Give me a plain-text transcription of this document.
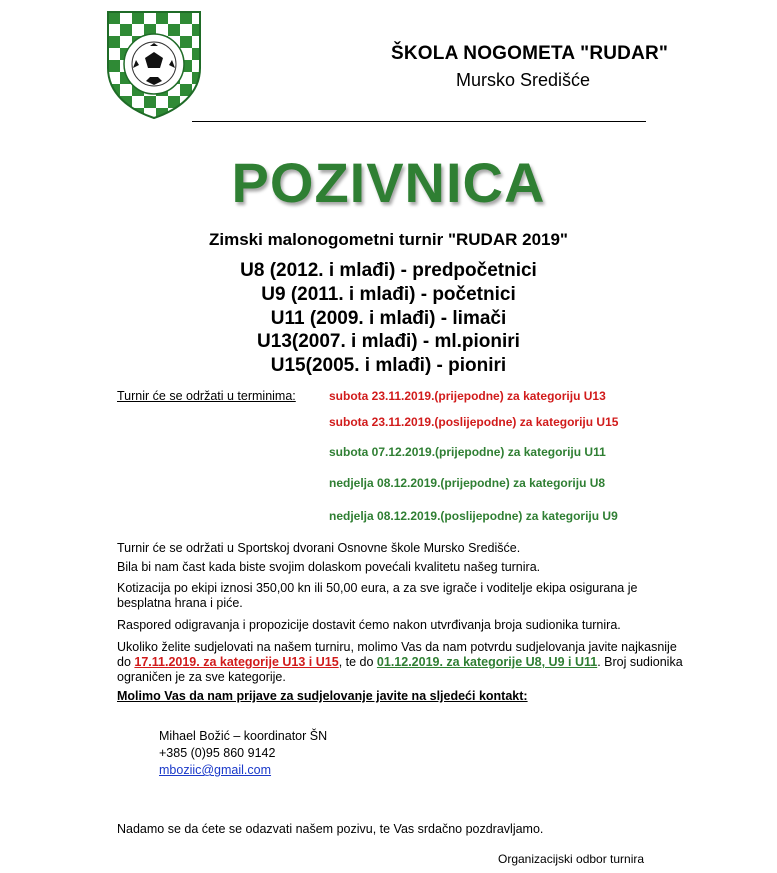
ŠKOLA NOGOMETA "RUDAR"
Mursko Središće
POZIVNICA
Zimski malonogometni turnir "RUDAR 2019"
U8 (2012. i mlađi) - predpočetnici
U9 (2011. i mlađi) - početnici
U11 (2009. i mlađi) - limači
U13(2007. i mlađi) - ml.pioniri
U15(2005. i mlađi) - pioniri
Turnir će se održati u terminima:	subota 23.11.2019.(prijepodne) za kategoriju U13
subota 23.11.2019.(poslijepodne) za kategoriju U15
subota 07.12.2019.(prijepodne) za kategoriju U11
nedjelja 08.12.2019.(prijepodne) za kategoriju U8
nedjelja 08.12.2019.(poslijepodne) za kategoriju U9
Turnir će se održati u Sportskoj dvorani Osnovne škole Mursko Središće.
Bila bi nam čast kada biste svojim dolaskom povećali kvalitetu našeg turnira.
Kotizacija po ekipi iznosi 350,00 kn ili 50,00 eura, a za sve igrače i voditelje ekipa osigurana je besplatna hrana i piće.
Raspored odigravanja i propozicije dostavit ćemo nakon utvrđivanja broja sudionika turnira.
Ukoliko želite sudjelovati na našem turniru, molimo Vas da nam potvrdu sudjelovanja javite najkasnije do 17.11.2019. za kategorije U13 i U15, te do 01.12.2019. za kategorije U8, U9 i U11. Broj sudionika ograničen je za sve kategorije.
Molimo Vas da nam prijave za sudjelovanje javite na sljedeći kontakt:
Mihael Božić – koordinator ŠN
+385 (0)95 860 9142
mboziic@gmail.com
Nadamo se da ćete se odazvati našem pozivu, te Vas srdačno pozdravljamo.
Organizacijski odbor turnira
